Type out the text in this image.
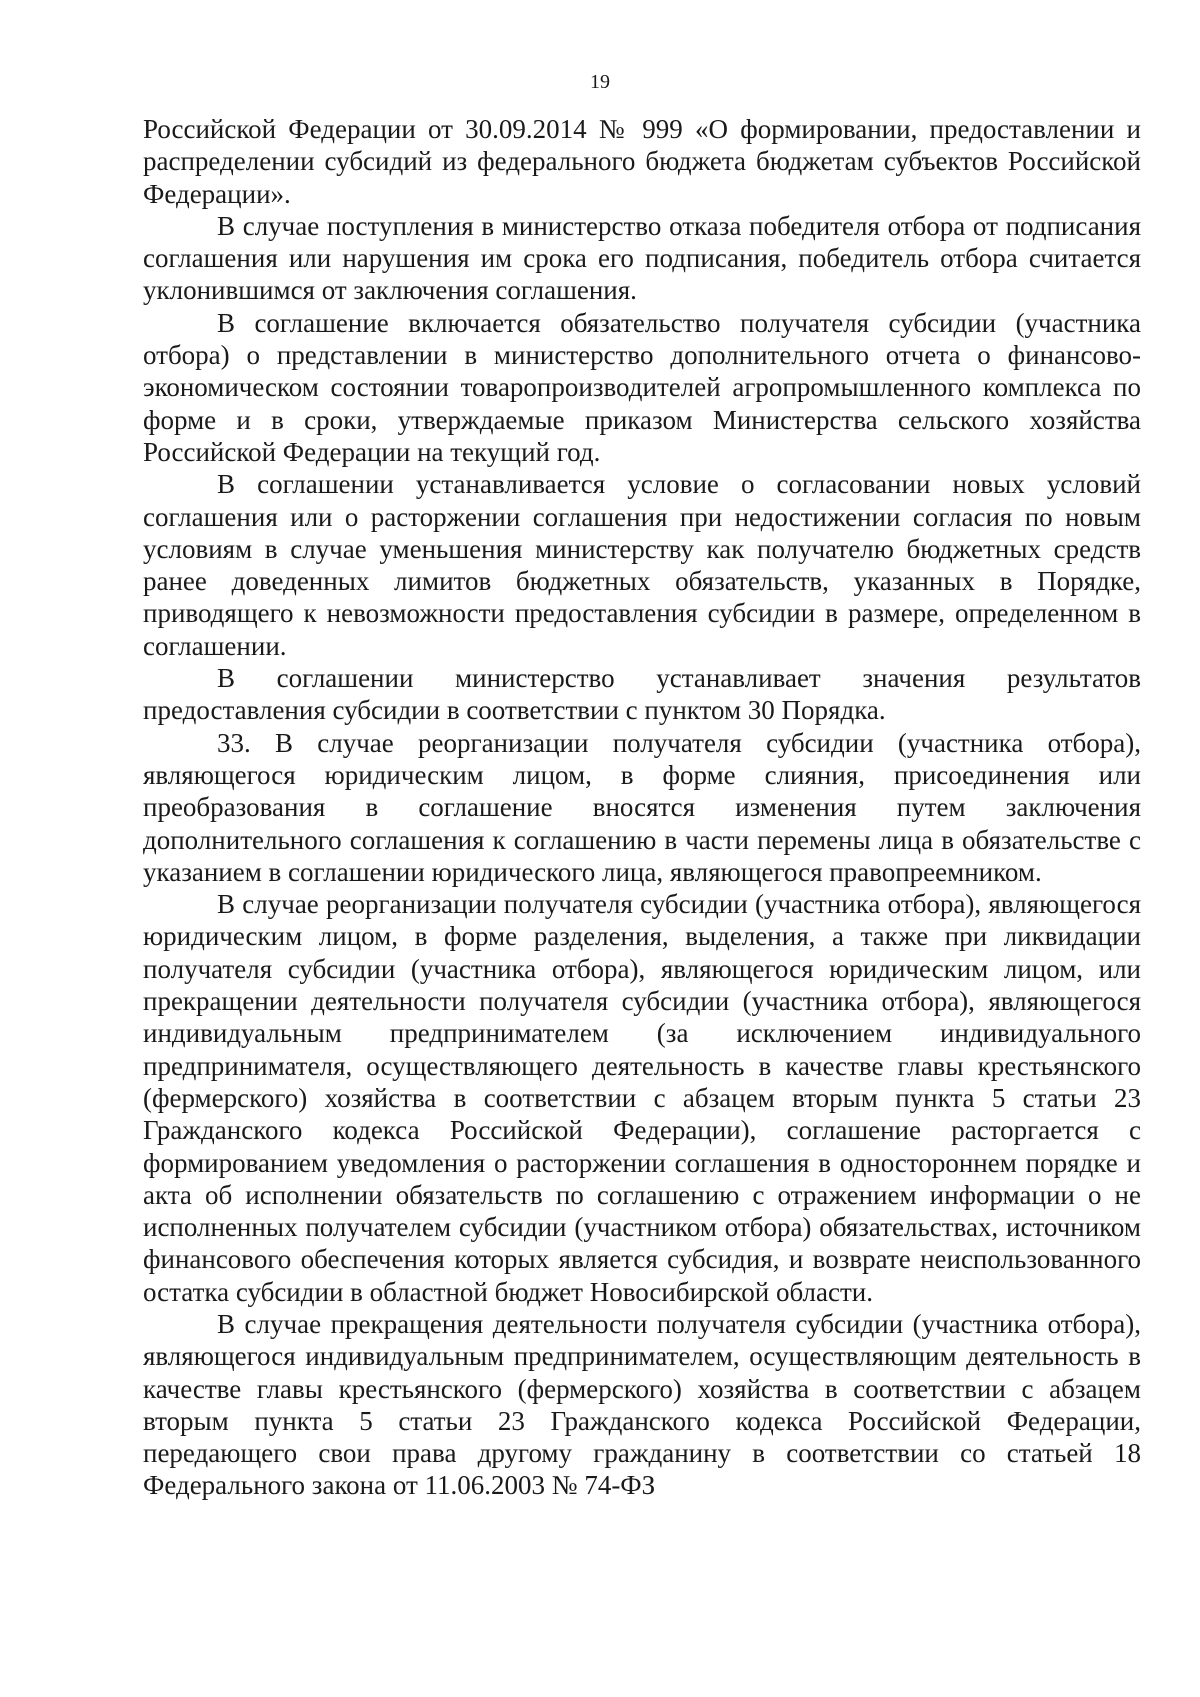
19

Российской Федерации от 30.09.2014 № 999 «О формировании, предоставлении и распределении субсидий из федерального бюджета бюджетам субъектов Российской Федерации».

В случае поступления в министерство отказа победителя отбора от подписания соглашения или нарушения им срока его подписания, победитель отбора считается уклонившимся от заключения соглашения.

В соглашение включается обязательство получателя субсидии (участника отбора) о представлении в министерство дополнительного отчета о финансово-экономическом состоянии товаропроизводителей агропромышленного комплекса по форме и в сроки, утверждаемые приказом Министерства сельского хозяйства Российской Федерации на текущий год.

В соглашении устанавливается условие о согласовании новых условий соглашения или о расторжении соглашения при недостижении согласия по новым условиям в случае уменьшения министерству как получателю бюджетных средств ранее доведенных лимитов бюджетных обязательств, указанных в Порядке, приводящего к невозможности предоставления субсидии в размере, определенном в соглашении.

В соглашении министерство устанавливает значения результатов предоставления субсидии в соответствии с пунктом 30 Порядка.

33. В случае реорганизации получателя субсидии (участника отбора), являющегося юридическим лицом, в форме слияния, присоединения или преобразования в соглашение вносятся изменения путем заключения дополнительного соглашения к соглашению в части перемены лица в обязательстве с указанием в соглашении юридического лица, являющегося правопреемником.

В случае реорганизации получателя субсидии (участника отбора), являющегося юридическим лицом, в форме разделения, выделения, а также при ликвидации получателя субсидии (участника отбора), являющегося юридическим лицом, или прекращении деятельности получателя субсидии (участника отбора), являющегося индивидуальным предпринимателем (за исключением индивидуального предпринимателя, осуществляющего деятельность в качестве главы крестьянского (фермерского) хозяйства в соответствии с абзацем вторым пункта 5 статьи 23 Гражданского кодекса Российской Федерации), соглашение расторгается с формированием уведомления о расторжении соглашения в одностороннем порядке и акта об исполнении обязательств по соглашению с отражением информации о не исполненных получателем субсидии (участником отбора) обязательствах, источником финансового обеспечения которых является субсидия, и возврате неиспользованного остатка субсидии в областной бюджет Новосибирской области.

В случае прекращения деятельности получателя субсидии (участника отбора), являющегося индивидуальным предпринимателем, осуществляющим деятельность в качестве главы крестьянского (фермерского) хозяйства в соответствии с абзацем вторым пункта 5 статьи 23 Гражданского кодекса Российской Федерации, передающего свои права другому гражданину в соответствии со статьей 18 Федерального закона от 11.06.2003 № 74-ФЗ
